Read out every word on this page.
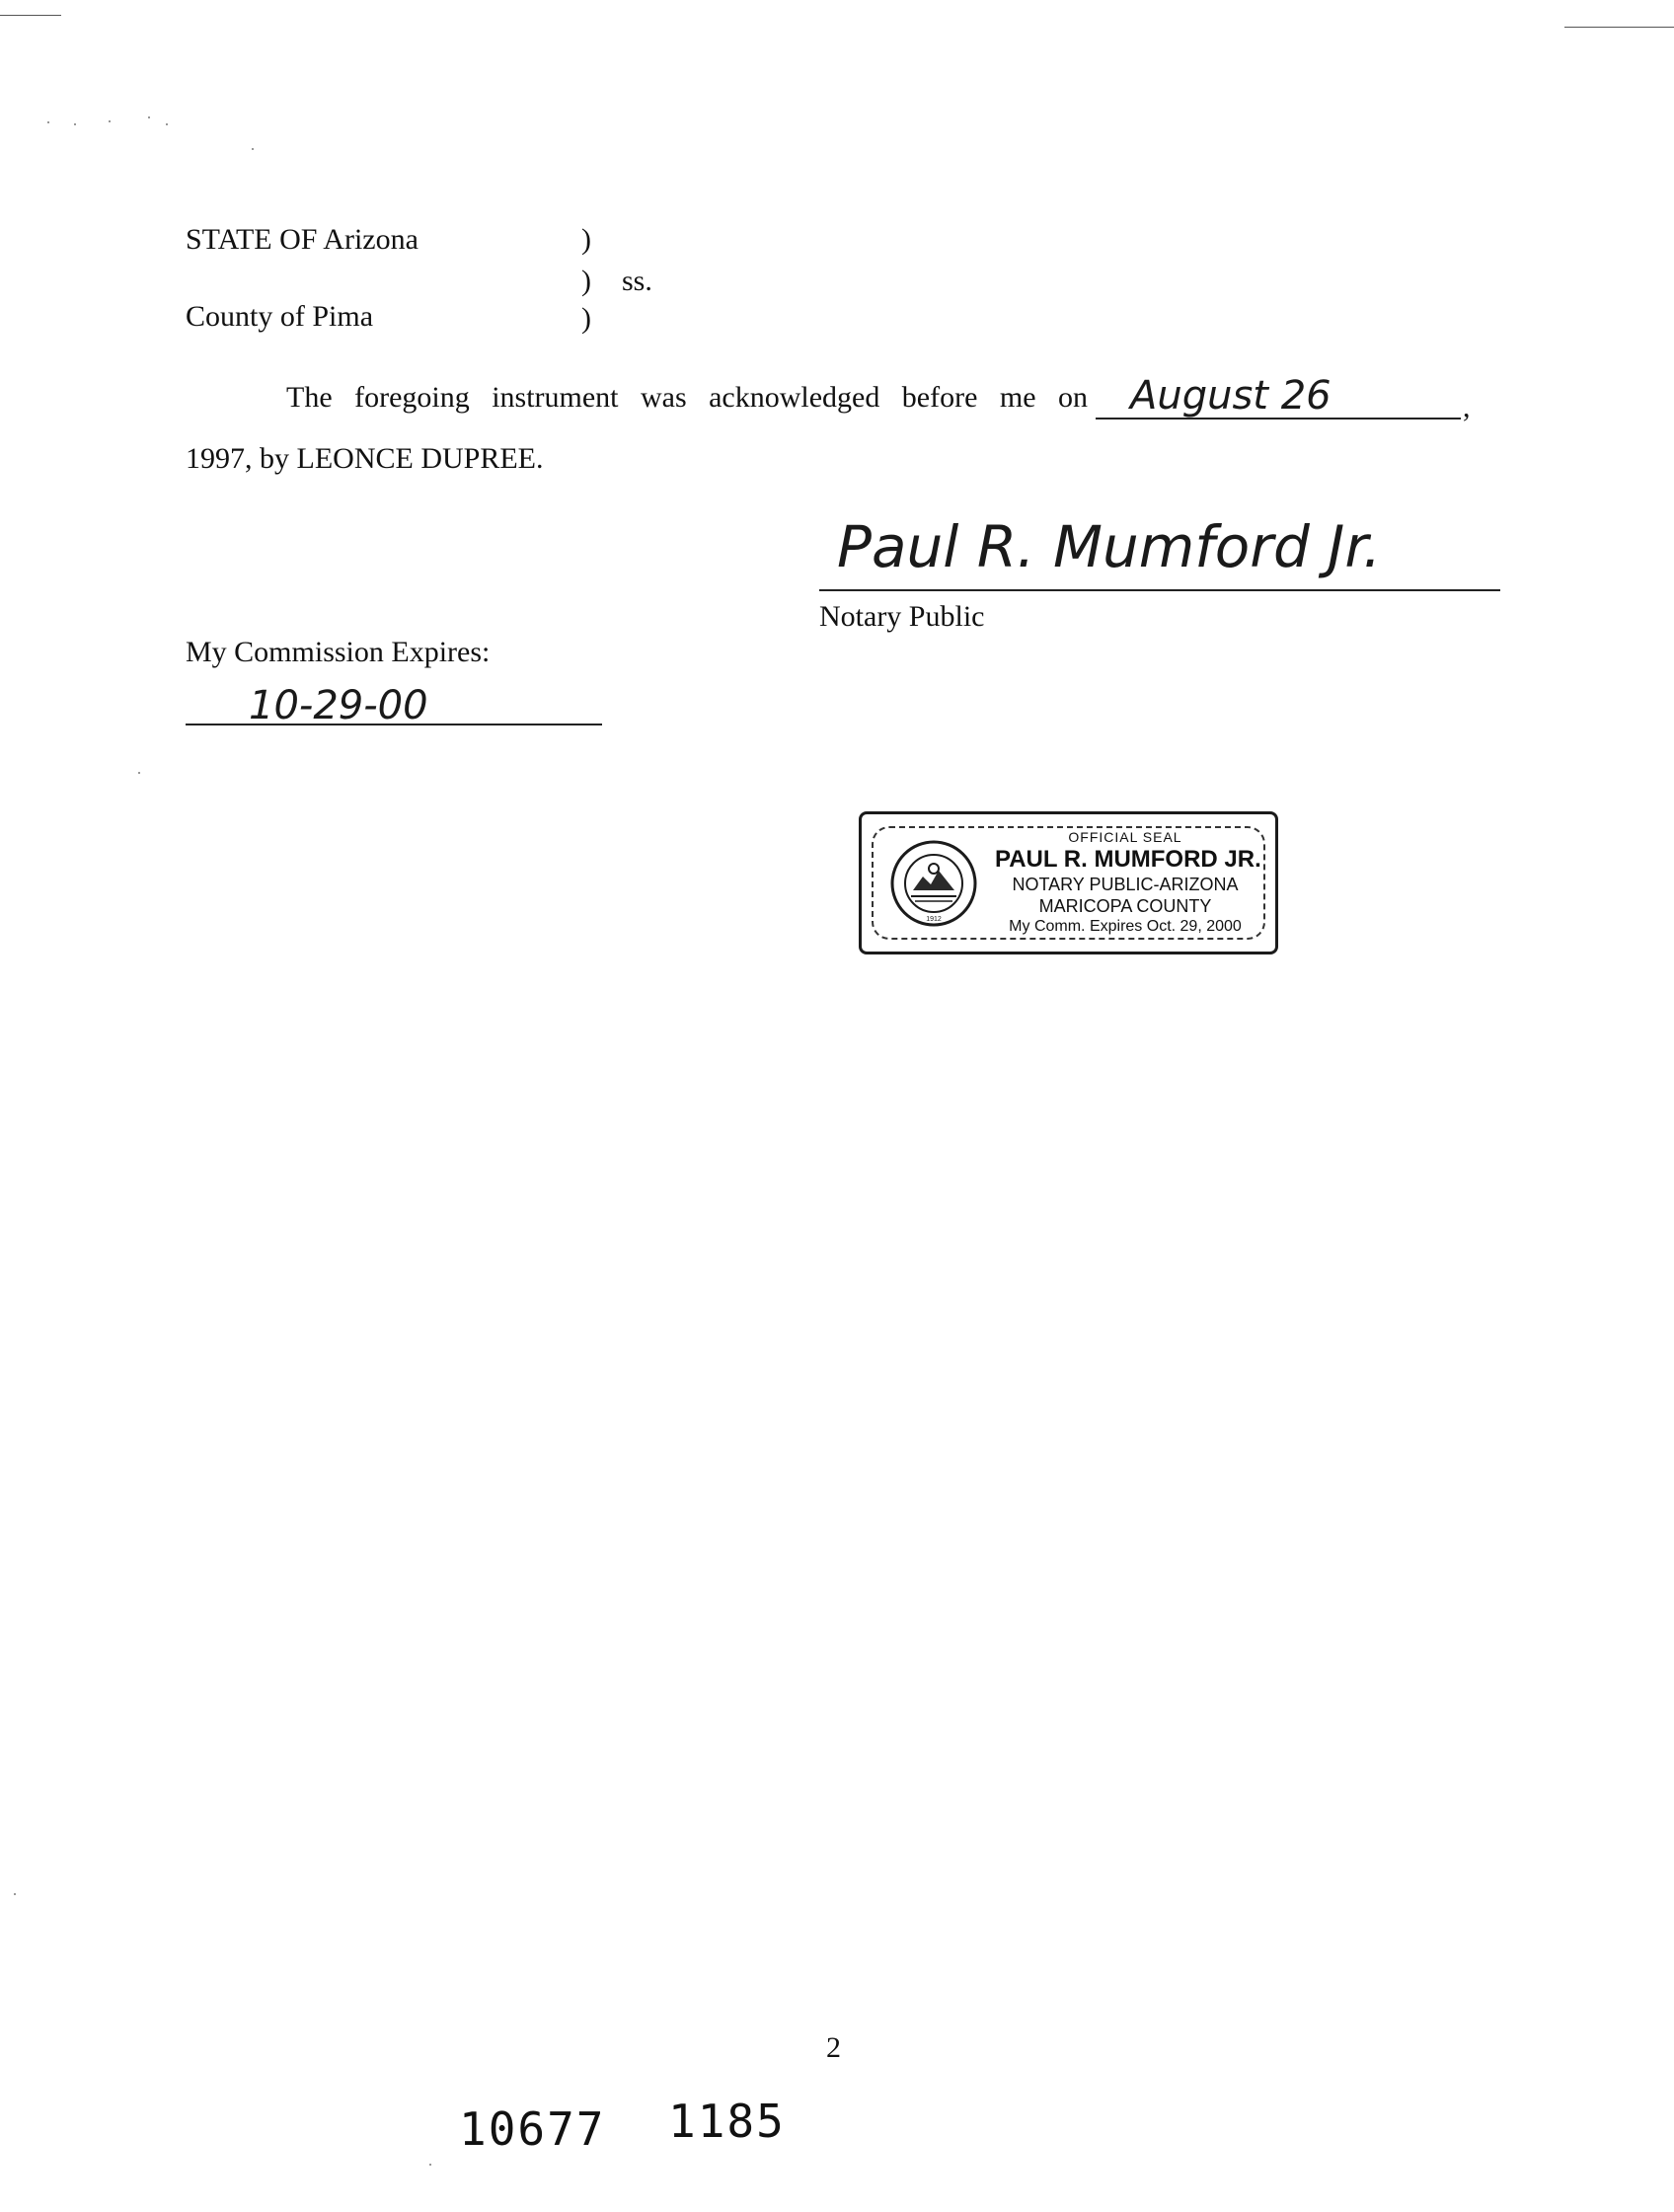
STATE OF Arizona	)
) ss.
County of Pima	)
The foregoing instrument was acknowledged before me on August 26	,
1997, by LEONCE DUPREE.
Paul R. Mumford Jr.
Notary Public
My Commission Expires:
10-29-00
1912
OFFICIAL SEAL
PAUL R. MUMFORD JR.
NOTARY PUBLIC-ARIZONA
MARICOPA COUNTY
My Comm. Expires Oct. 29, 2000
2
10677 1185
